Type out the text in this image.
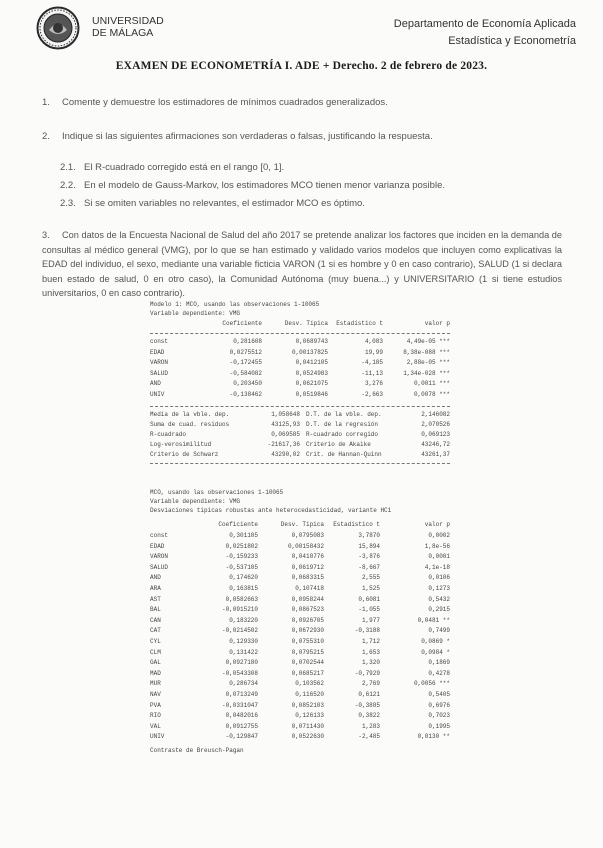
UNIVERSIDAD
DE MÁLAGA
Departamento de Economía Aplicada
Estadística y Econometría
EXAMEN DE ECONOMETRÍA I. ADE + Derecho. 2 de febrero de 2023.
1. Comente y demuestre los estimadores de mínimos cuadrados generalizados.
2. Indique si las siguientes afirmaciones son verdaderas o falsas, justificando la respuesta.
2.1. El R-cuadrado corregido está en el rango [0, 1].
2.2. En el modelo de Gauss-Markov, los estimadores MCO tienen menor varianza posible.
2.3. Si se omiten variables no relevantes, el estimador MCO es óptimo.
3. Con datos de la Encuesta Nacional de Salud del año 2017 se pretende analizar los factores que inciden en la demanda de consultas al médico general (VMG), por lo que se han estimado y validado varios modelos que incluyen como explicativas la EDAD del individuo, el sexo, mediante una variable ficticia VARON (1 si es hombre y 0 en caso contrario), SALUD (1 si declara buen estado de salud, 0 en otro caso), la Comunidad Autónoma (muy buena...) y UNIVERSITARIO (1 si tiene estudios universitarios, 0 en caso contrario).
Modelo 1: MCO, usando las observaciones 1-10065
Variable dependiente: VMG
Coeficiente	Desv. Típica	Estadístico t	valor p
const	0,281608	0,0689743	4,083	4,49e-05 ***
EDAD	0,0275512	0,00137825	19,99	8,38e-088 ***
VARON	-0,172455	0,0412105	-4,185	2,88e-05 ***
SALUD	-0,584082	0,0524983	-11,13	1,34e-028 ***
AND	0,203450	0,0621075	3,276	0,0011 ***
UNIV	-0,138462	0,0519846	-2,663	0,0078 ***
Media de la vble. dep.	1,058648	D.T. de la vble. dep.	2,146082
Suma de cuad. residuos	43125,93	D.T. de la regresión	2,070526
R-cuadrado	0,069585	R-cuadrado corregido	0,069123
Log-verosimilitud	-21617,36	Criterio de Akaike	43246,72
Criterio de Schwarz	43290,02	Crit. de Hannan-Quinn	43261,37
MCO, usando las observaciones 1-10065
Variable dependiente: VMG
Desviaciones típicas robustas ante heterocedasticidad, variante HC1
Coeficiente	Desv. Típica	Estadístico t	valor p
const	0,301105	0,0795083	3,7870	0,0002
EDAD	0,0251802	0,00158432	15,894	1,8e-56
VARON	-0,159233	0,0410776	-3,876	0,0001
SALUD	-0,537105	0,0619712	-8,667	4,1e-18
AND	0,174620	0,0683315	2,555	0,0106
ARA	0,163815	0,107418	1,525	0,1273
AST	0,0582663	0,0958244	0,6081	0,5432
BAL	-0,0915210	0,0867523	-1,055	0,2915
CAN	0,183220	0,0926705	1,977	0,0481 **
CAT	-0,0214502	0,0672930	-0,3188	0,7499
CYL	0,129330	0,0755310	1,712	0,0869 *
CLM	0,131422	0,0795215	1,653	0,0984 *
GAL	0,0927180	0,0702544	1,320	0,1869
MAD	-0,0543308	0,0685217	-0,7929	0,4278
MUR	0,286734	0,103562	2,769	0,0056 ***
NAV	0,0713249	0,116520	0,6121	0,5405
PVA	-0,0331047	0,0852103	-0,3885	0,6976
RIO	0,0482016	0,126133	0,3822	0,7023
VAL	0,0912755	0,0711430	1,283	0,1995
UNIV	-0,129847	0,0522630	-2,485	0,0130 **
Contraste de Breusch-Pagan
